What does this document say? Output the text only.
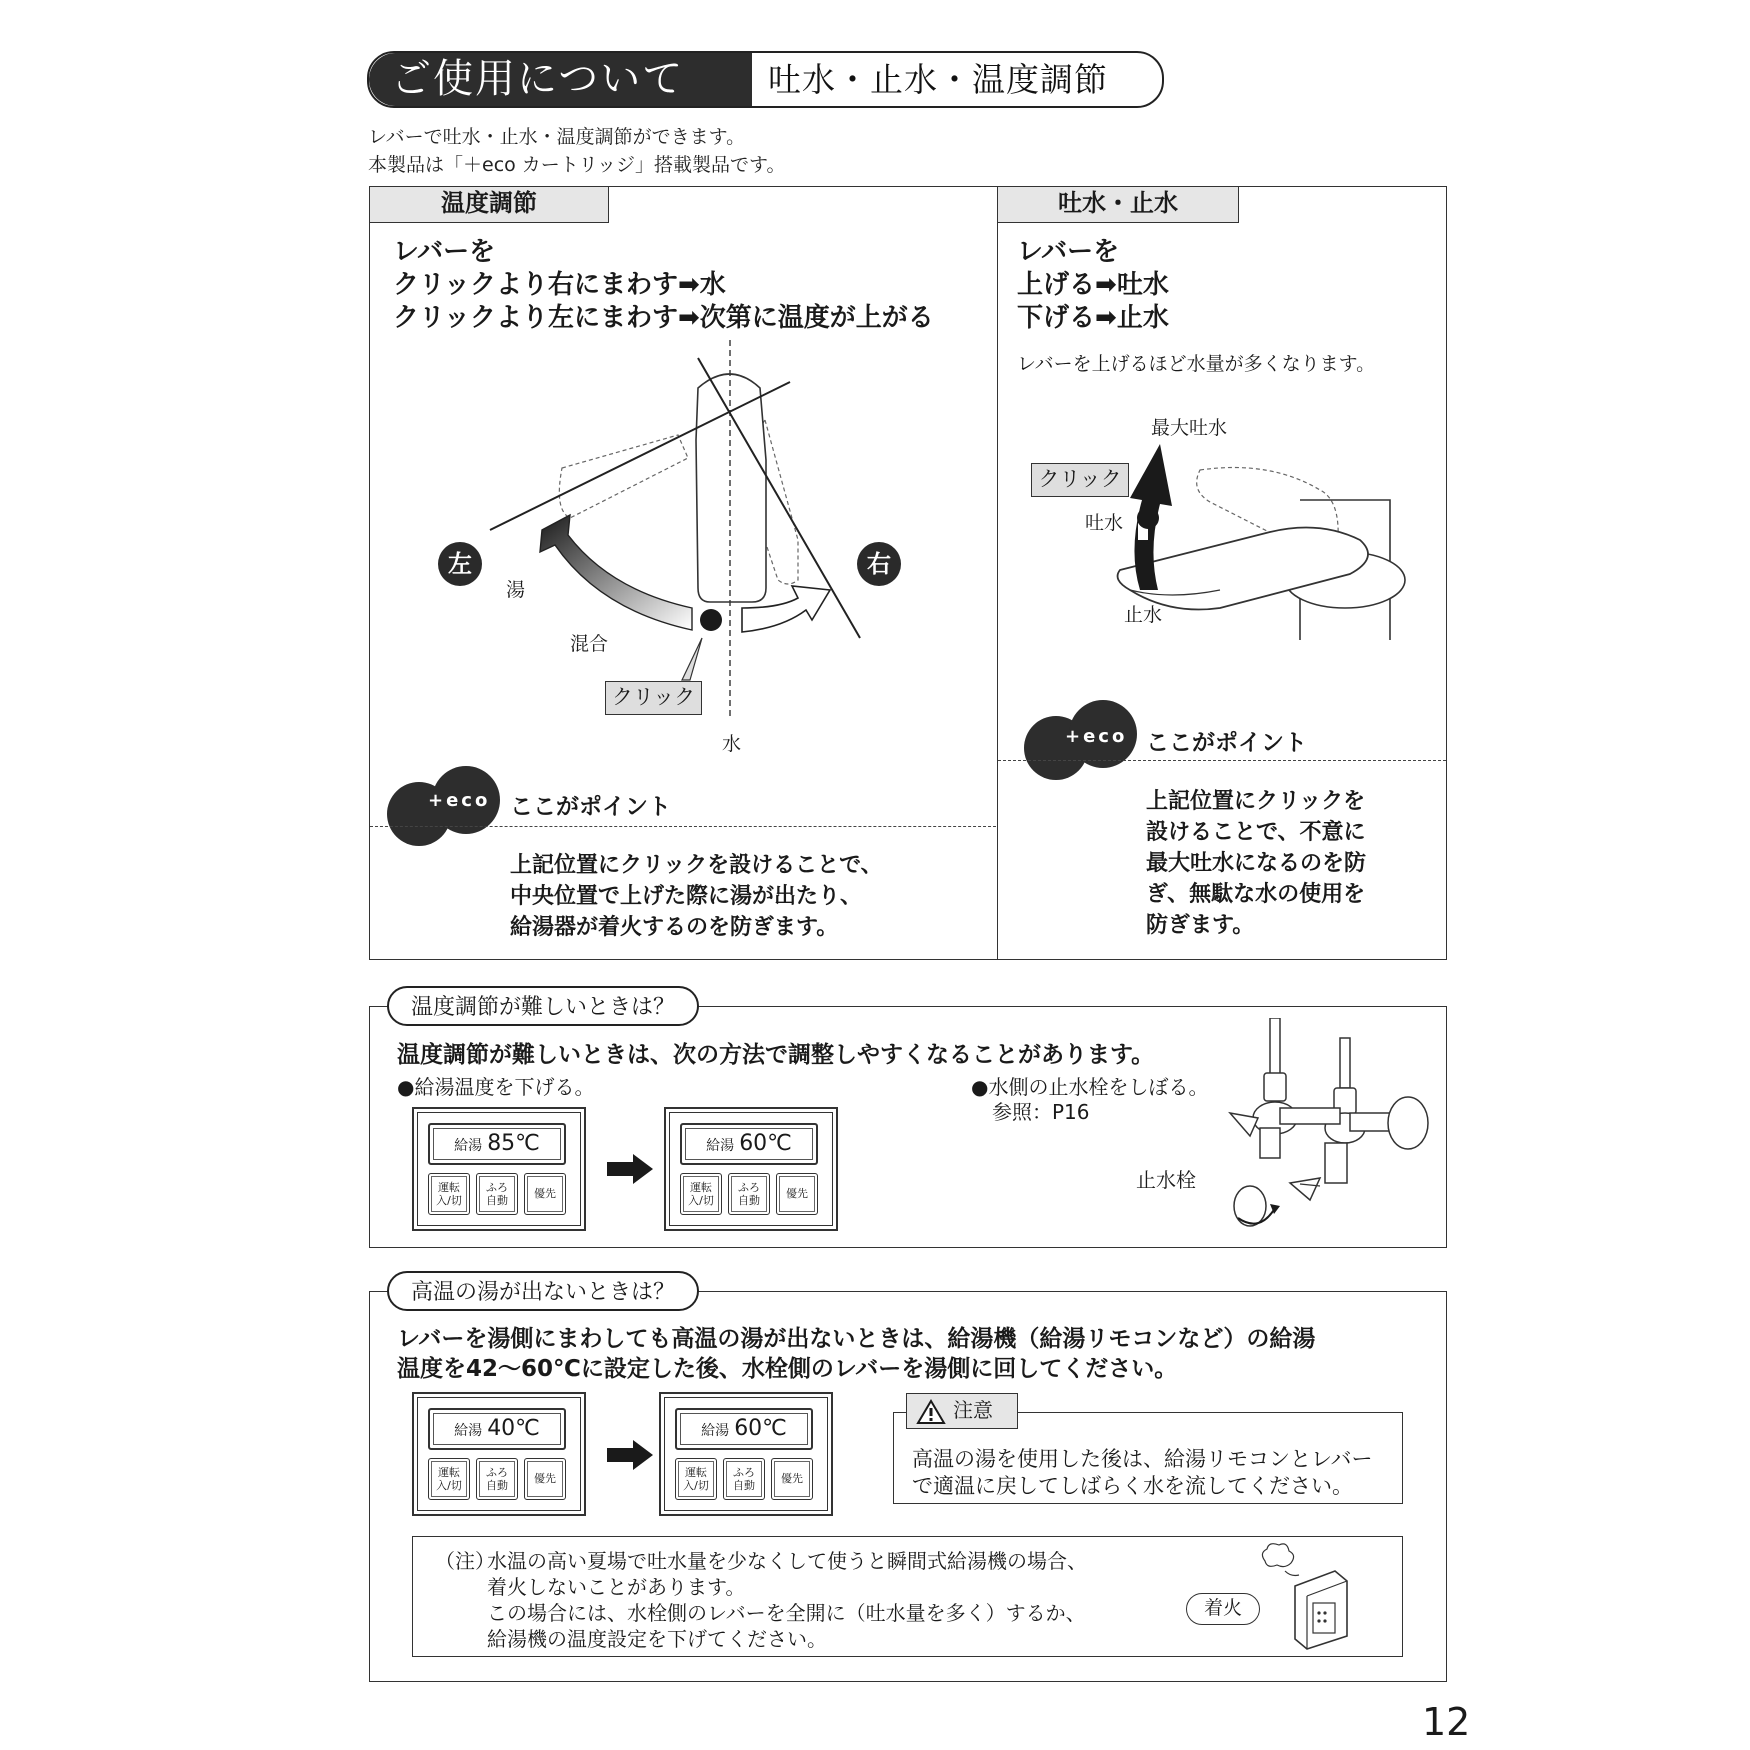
ご使用について	吐水・止水・温度調節
レバーで吐水・止水・温度調節ができます。
本製品は「＋eco カートリッジ」搭載製品です。
温度調節
レバーを
クリックより右にまわす➡水
クリックより左にまわす➡次第に温度が上がる
左	右
湯
混合
水
クリック
+eco ここがポイント
上記位置にクリックを設けることで、
中央位置で上げた際に湯が出たり、
給湯器が着火するのを防ぎます。
吐水・止水
レバーを
上げる➡吐水
下げる➡止水
レバーを上げるほど水量が多くなります。
最大吐水
クリック
吐水
止水
+eco ここがポイント
上記位置にクリックを
設けることで、不意に
最大吐水になるのを防
ぎ、無駄な水の使用を
防ぎます。
温度調節が難しいときは？
温度調節が難しいときは、次の方法で調整しやすくなることがあります。
●給湯温度を下げる。	●水側の止水栓をしぼる。
参照：P16
止水栓
給湯 85℃
運転
入/切
ふろ
自動
優先
給湯 60℃
運転
入/切
ふろ
自動
優先
高温の湯が出ないときは？
レバーを湯側にまわしても高温の湯が出ないときは、給湯機（給湯リモコンなど）の給湯
温度を42～60℃に設定した後、水栓側のレバーを湯側に回してください。
給湯 40℃
運転
入/切
ふろ
自動
優先
給湯 60℃
運転
入/切
ふろ
自動
優先
注意
高温の湯を使用した後は、給湯リモコンとレバー
で適温に戻してしばらく水を流してください。
（注）
水温の高い夏場で吐水量を少なくして使うと瞬間式給湯機の場合、
着火しないことがあります。
この場合には、水栓側のレバーを全開に（吐水量を多く）するか、
給湯機の温度設定を下げてください。
着火
12
